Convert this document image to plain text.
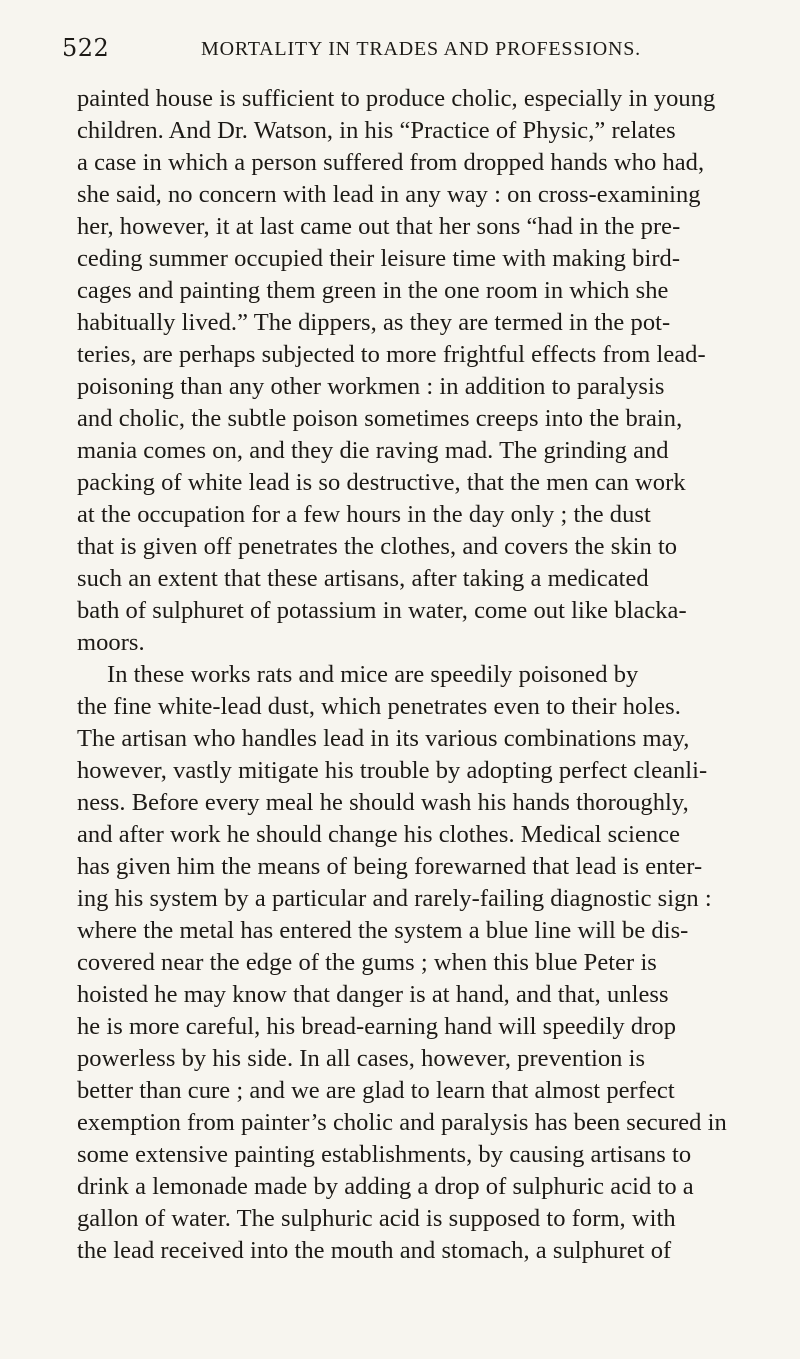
522	MORTALITY IN TRADES AND PROFESSIONS.
painted house is sufficient to produce cholic, especially in young
children. And Dr. Watson, in his “Practice of Physic,” relates
a case in which a person suffered from dropped hands who had,
she said, no concern with lead in any way : on cross-examining
her, however, it at last came out that her sons “had in the pre-
ceding summer occupied their leisure time with making bird-
cages and painting them green in the one room in which she
habitually lived.” The dippers, as they are termed in the pot-
teries, are perhaps subjected to more frightful effects from lead-
poisoning than any other workmen : in addition to paralysis
and cholic, the subtle poison sometimes creeps into the brain,
mania comes on, and they die raving mad. The grinding and
packing of white lead is so destructive, that the men can work
at the occupation for a few hours in the day only ; the dust
that is given off penetrates the clothes, and covers the skin to
such an extent that these artisans, after taking a medicated
bath of sulphuret of potassium in water, come out like blacka-
moors.
In these works rats and mice are speedily poisoned by
the fine white-lead dust, which penetrates even to their holes.
The artisan who handles lead in its various combinations may,
however, vastly mitigate his trouble by adopting perfect cleanli-
ness. Before every meal he should wash his hands thoroughly,
and after work he should change his clothes. Medical science
has given him the means of being forewarned that lead is enter-
ing his system by a particular and rarely-failing diagnostic sign :
where the metal has entered the system a blue line will be dis-
covered near the edge of the gums ; when this blue Peter is
hoisted he may know that danger is at hand, and that, unless
he is more careful, his bread-earning hand will speedily drop
powerless by his side. In all cases, however, prevention is
better than cure ; and we are glad to learn that almost perfect
exemption from painter’s cholic and paralysis has been secured in
some extensive painting establishments, by causing artisans to
drink a lemonade made by adding a drop of sulphuric acid to a
gallon of water. The sulphuric acid is supposed to form, with
the lead received into the mouth and stomach, a sulphuret of
